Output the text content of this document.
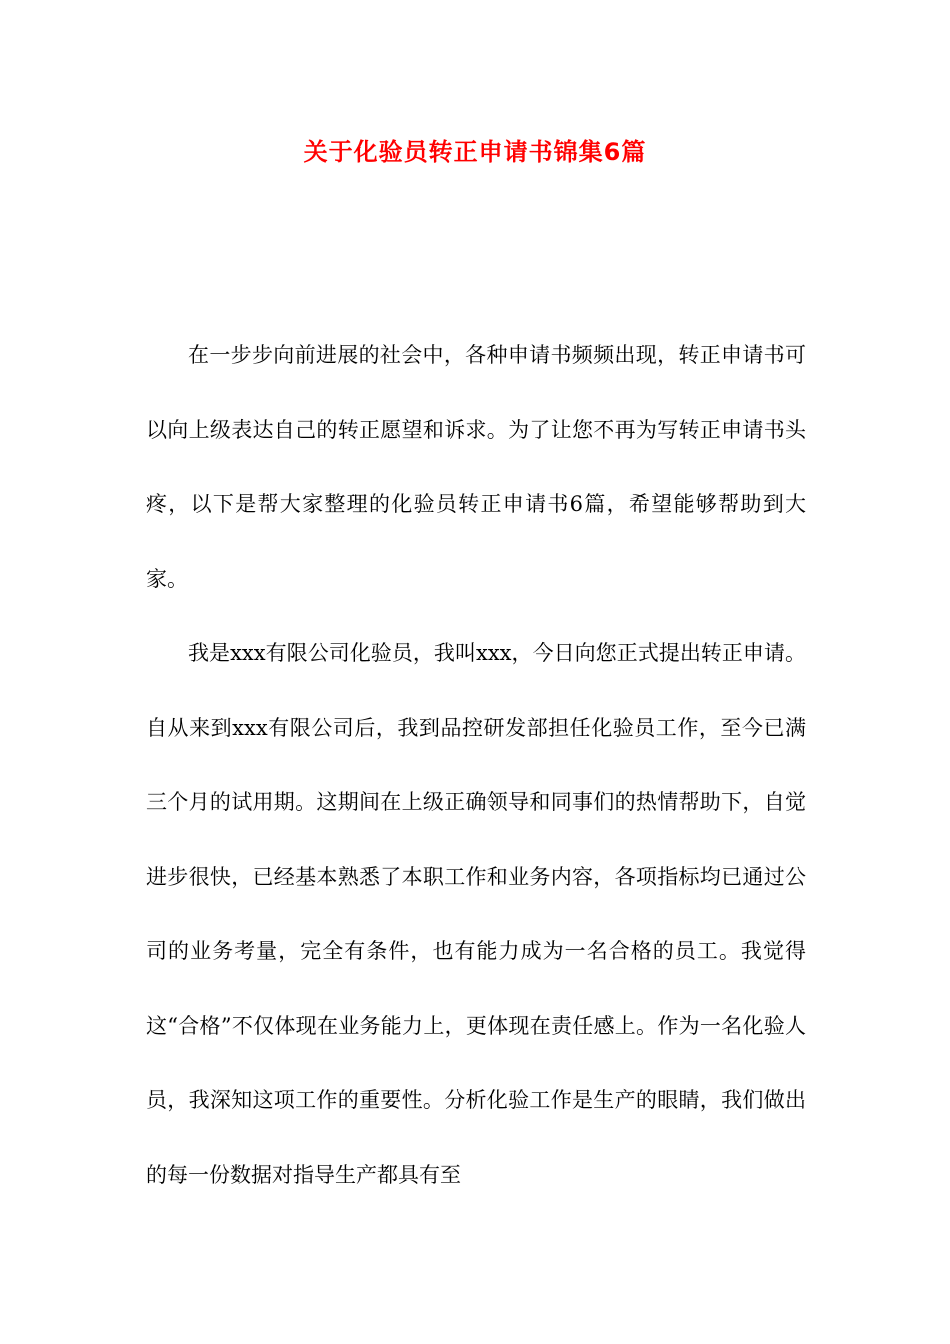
关于化验员转正申请书锦集6篇

在一步步向前进展的社会中，各种申请书频频出现，转正申请书可以向上级表达自己的转正愿望和诉求。为了让您不再为写转正申请书头疼，以下是帮大家整理的化验员转正申请书6篇，希望能够帮助到大家。

我是xxx有限公司化验员，我叫xxx，今日向您正式提出转正申请。自从来到xxx有限公司后，我到品控研发部担任化验员工作，至今已满三个月的试用期。这期间在上级正确领导和同事们的热情帮助下，自觉进步很快，已经基本熟悉了本职工作和业务内容，各项指标均已通过公司的业务考量，完全有条件，也有能力成为一名合格的员工。我觉得这“合格”不仅体现在业务能力上，更体现在责任感上。作为一名化验人员，我深知这项工作的重要性。分析化验工作是生产的眼睛，我们做出的每一份数据对指导生产都具有至
